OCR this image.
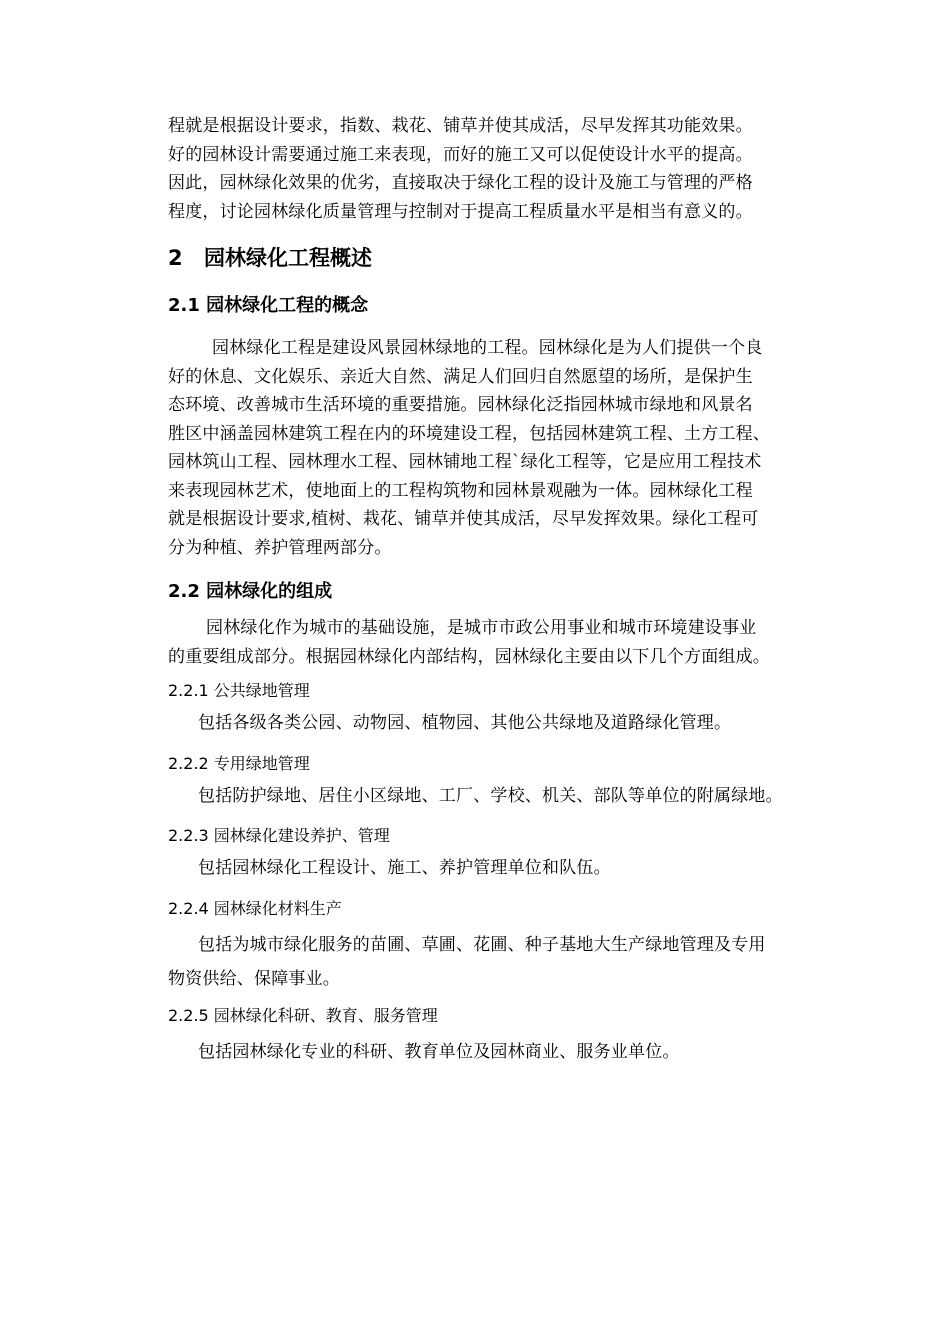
程就是根据设计要求，指数、栽花、铺草并使其成活，尽早发挥其功能效果。

好的园林设计需要通过施工来表现，而好的施工又可以促使设计水平的提高。

因此，园林绿化效果的优劣，直接取决于绿化工程的设计及施工与管理的严格

程度，讨论园林绿化质量管理与控制对于提高工程质量水平是相当有意义的。

2 园林绿化工程概述
2.1 园林绿化工程的概念

园林绿化工程是建设风景园林绿地的工程。园林绿化是为人们提供一个良

好的休息、文化娱乐、亲近大自然、满足人们回归自然愿望的场所，是保护生

态环境、改善城市生活环境的重要措施。园林绿化泛指园林城市绿地和风景名

胜区中涵盖园林建筑工程在内的环境建设工程，包括园林建筑工程、土方工程、

园林筑山工程、园林理水工程、园林铺地工程`绿化工程等，它是应用工程技术

来表现园林艺术，使地面上的工程构筑物和园林景观融为一体。园林绿化工程

就是根据设计要求,植树、栽花、铺草并使其成活，尽早发挥效果。绿化工程可

分为种植、养护管理两部分。

2.2 园林绿化的组成

园林绿化作为城市的基础设施，是城市市政公用事业和城市环境建设事业

的重要组成部分。根据园林绿化内部结构，园林绿化主要由以下几个方面组成。

2.2.1 公共绿地管理

包括各级各类公园、动物园、植物园、其他公共绿地及道路绿化管理。

2.2.2 专用绿地管理

包括防护绿地、居住小区绿地、工厂、学校、机关、部队等单位的附属绿地。

2.2.3 园林绿化建设养护、管理

包括园林绿化工程设计、施工、养护管理单位和队伍。

2.2.4 园林绿化材料生产

包括为城市绿化服务的苗圃、草圃、花圃、种子基地大生产绿地管理及专用

物资供给、保障事业。

2.2.5 园林绿化科研、教育、服务管理

包括园林绿化专业的科研、教育单位及园林商业、服务业单位。
